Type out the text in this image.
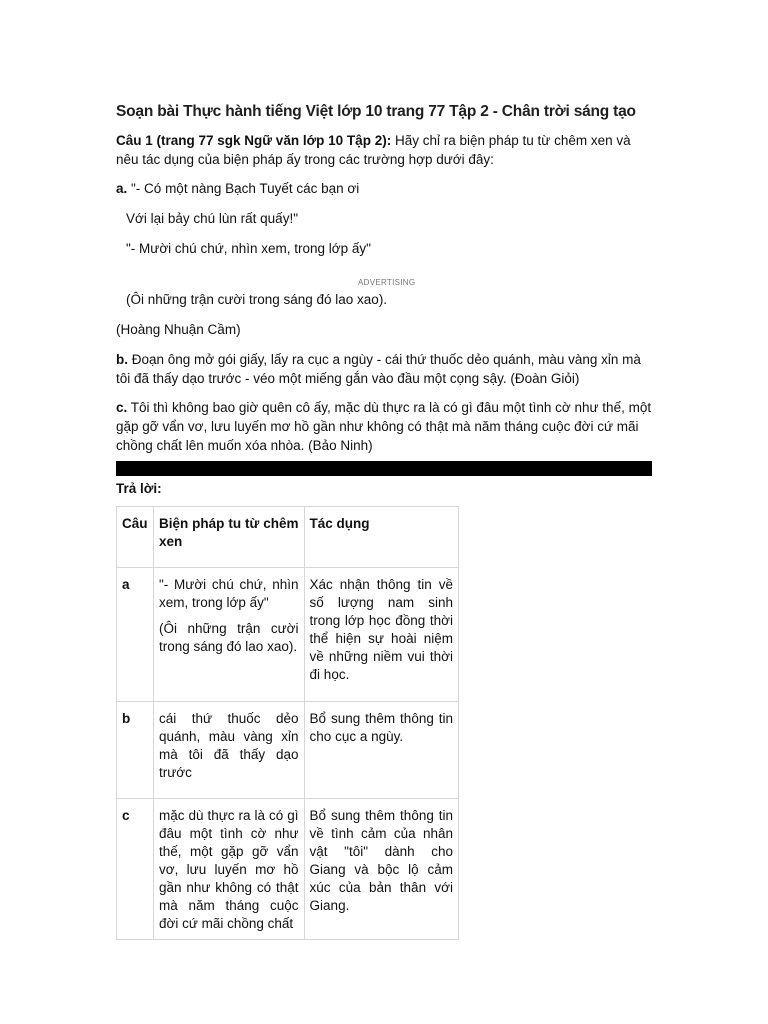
Soạn bài Thực hành tiếng Việt lớp 10 trang 77 Tập 2 - Chân trời sáng tạo

Câu 1 (trang 77 sgk Ngữ văn lớp 10 Tập 2): Hãy chỉ ra biện pháp tu từ chêm xen và nêu tác dụng của biện pháp ấy trong các trường hợp dưới đây:

a. "- Có một nàng Bạch Tuyết các bạn ơi

Với lại bảy chú lùn rất quấy!"

"- Mười chú chứ, nhìn xem, trong lớp ấy"

ADVERTISING

(Ôi những trận cười trong sáng đó lao xao).

(Hoàng Nhuận Cầm)

b. Đoạn ông mở gói giấy, lấy ra cục a ngùy - cái thứ thuốc dẻo quánh, màu vàng xỉn mà tôi đã thấy dạo trước - véo một miếng gắn vào đầu một cọng sậy. (Đoàn Giỏi)

c. Tôi thì không bao giờ quên cô ấy, mặc dù thực ra là có gì đâu một tình cờ như thế, một gặp gỡ vẩn vơ, lưu luyến mơ hồ gần như không có thật mà năm tháng cuộc đời cứ mãi chồng chất lên muốn xóa nhòa. (Bảo Ninh)

Trả lời:

Câu	Biện pháp tu từ chêm xen	Tác dụng
a	"- Mười chú chứ, nhìn xem, trong lớp ấy"

(Ôi những trận cười trong sáng đó lao xao).	Xác nhận thông tin về số lượng nam sinh trong lớp học đồng thời thể hiện sự hoài niệm về những niềm vui thời đi học.
b	cái thứ thuốc dẻo quánh, màu vàng xỉn mà tôi đã thấy dạo trước	Bổ sung thêm thông tin cho cục a ngùy.
c	mặc dù thực ra là có gì đâu một tình cờ như thế, một gặp gỡ vẩn vơ, lưu luyến mơ hồ gần như không có thật mà năm tháng cuộc đời cứ mãi chồng chất	Bổ sung thêm thông tin về tình cảm của nhân vật "tôi" dành cho Giang và bộc lộ cảm xúc của bản thân với Giang.
